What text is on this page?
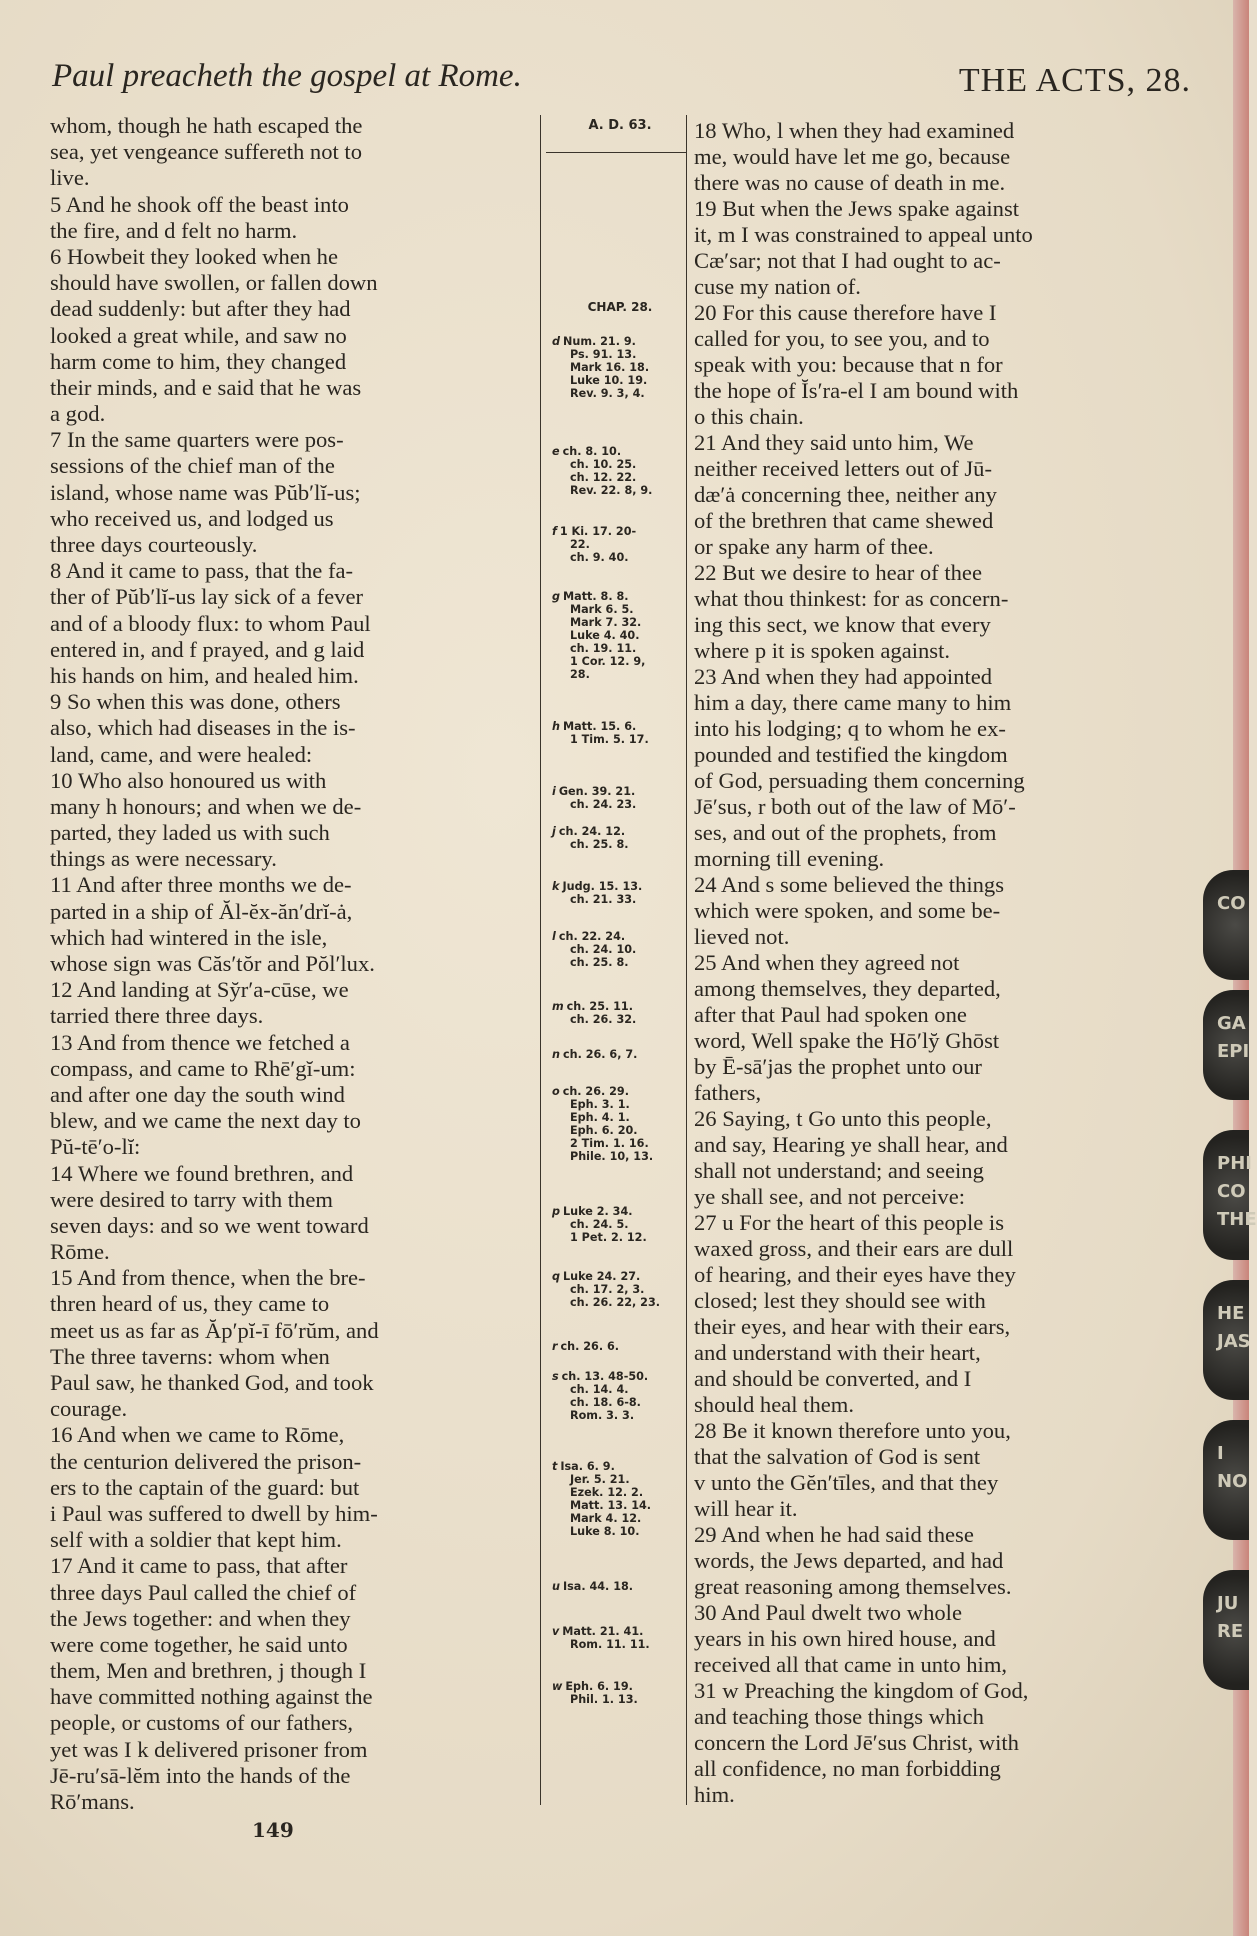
Paul preacheth the gospel at Rome.	THE ACTS, 28.
whom, though he hath escaped the
sea, yet vengeance suffereth not to
live.
5 And he shook off the beast into
the fire, and d felt no harm.
6 Howbeit they looked when he
should have swollen, or fallen down
dead suddenly: but after they had
looked a great while, and saw no
harm come to him, they changed
their minds, and e said that he was
a god.
7 In the same quarters were pos-
sessions of the chief man of the
island, whose name was Pŭb′lĭ-us;
who received us, and lodged us
three days courteously.
8 And it came to pass, that the fa-
ther of Pŭb′lĭ-us lay sick of a fever
and of a bloody flux: to whom Paul
entered in, and f prayed, and g laid
his hands on him, and healed him.
9 So when this was done, others
also, which had diseases in the is-
land, came, and were healed:
10 Who also honoured us with
many h honours; and when we de-
parted, they laded us with such
things as were necessary.
11 And after three months we de-
parted in a ship of Ăl-ĕx-ăn′drĭ-ȧ,
which had wintered in the isle,
whose sign was Căs′tŏr and Pŏl′lux.
12 And landing at Sy̆r′a-cūse, we
tarried there three days.
13 And from thence we fetched a
compass, and came to Rhē′gĭ-um:
and after one day the south wind
blew, and we came the next day to
Pŭ-tē′o-lĭ:
14 Where we found brethren, and
were desired to tarry with them
seven days: and so we went toward
Rōme.
15 And from thence, when the bre-
thren heard of us, they came to
meet us as far as Ăp′pĭ-ī fō′rŭm, and
The three taverns: whom when
Paul saw, he thanked God, and took
courage.
16 And when we came to Rōme,
the centurion delivered the prison-
ers to the captain of the guard: but
i Paul was suffered to dwell by him-
self with a soldier that kept him.
17 And it came to pass, that after
three days Paul called the chief of
the Jews together: and when they
were come together, he said unto
them, Men and brethren, j though I
have committed nothing against the
people, or customs of our fathers,
yet was I k delivered prisoner from
Jē-ru′sā-lĕm into the hands of the
Rō′mans.
A. D. 63.
CHAP. 28.
d Num. 21. 9.
Ps. 91. 13.
Mark 16. 18.
Luke 10. 19.
Rev. 9. 3, 4.
e ch. 8. 10.
ch. 10. 25.
ch. 12. 22.
Rev. 22. 8, 9.
f 1 Ki. 17. 20-
22.
ch. 9. 40.
g Matt. 8. 8.
Mark 6. 5.
Mark 7. 32.
Luke 4. 40.
ch. 19. 11.
1 Cor. 12. 9,
28.
h Matt. 15. 6.
1 Tim. 5. 17.
i Gen. 39. 21.
ch. 24. 23.
j ch. 24. 12.
ch. 25. 8.
k Judg. 15. 13.
ch. 21. 33.
l ch. 22. 24.
ch. 24. 10.
ch. 25. 8.
m ch. 25. 11.
ch. 26. 32.
n ch. 26. 6, 7.
o ch. 26. 29.
Eph. 3. 1.
Eph. 4. 1.
Eph. 6. 20.
2 Tim. 1. 16.
Phile. 10, 13.
p Luke 2. 34.
ch. 24. 5.
1 Pet. 2. 12.
q Luke 24. 27.
ch. 17. 2, 3.
ch. 26. 22, 23.
r ch. 26. 6.
s ch. 13. 48-50.
ch. 14. 4.
ch. 18. 6-8.
Rom. 3. 3.
t Isa. 6. 9.
Jer. 5. 21.
Ezek. 12. 2.
Matt. 13. 14.
Mark 4. 12.
Luke 8. 10.
u Isa. 44. 18.
v Matt. 21. 41.
Rom. 11. 11.
w Eph. 6. 19.
Phil. 1. 13.
18 Who, l when they had examined
me, would have let me go, because
there was no cause of death in me.
19 But when the Jews spake against
it, m I was constrained to appeal unto
Cæ′sar; not that I had ought to ac-
cuse my nation of.
20 For this cause therefore have I
called for you, to see you, and to
speak with you: because that n for
the hope of Ĭs′ra-el I am bound with
o this chain.
21 And they said unto him, We
neither received letters out of Jū-
dæ′ȧ concerning thee, neither any
of the brethren that came shewed
or spake any harm of thee.
22 But we desire to hear of thee
what thou thinkest: for as concern-
ing this sect, we know that every
where p it is spoken against.
23 And when they had appointed
him a day, there came many to him
into his lodging; q to whom he ex-
pounded and testified the kingdom
of God, persuading them concerning
Jē′sus, r both out of the law of Mō′-
ses, and out of the prophets, from
morning till evening.
24 And s some believed the things
which were spoken, and some be-
lieved not.
25 And when they agreed not
among themselves, they departed,
after that Paul had spoken one
word, Well spake the Hō′ly̆ Ghōst
by Ē-sā′jas the prophet unto our
fathers,
26 Saying, t Go unto this people,
and say, Hearing ye shall hear, and
shall not understand; and seeing
ye shall see, and not perceive:
27 u For the heart of this people is
waxed gross, and their ears are dull
of hearing, and their eyes have they
closed; lest they should see with
their eyes, and hear with their ears,
and understand with their heart,
and should be converted, and I
should heal them.
28 Be it known therefore unto you,
that the salvation of God is sent
v unto the Gĕn′tīles, and that they
will hear it.
29 And when he had said these
words, the Jews departed, and had
great reasoning among themselves.
30 And Paul dwelt two whole
years in his own hired house, and
received all that came in unto him,
31 w Preaching the kingdom of God,
and teaching those things which
concern the Lord Jē′sus Christ, with
all confidence, no man forbidding
him.
149
CO
GA
EPI
PHI
CO
THE
HE
JAS
I
NO
JU
RE
